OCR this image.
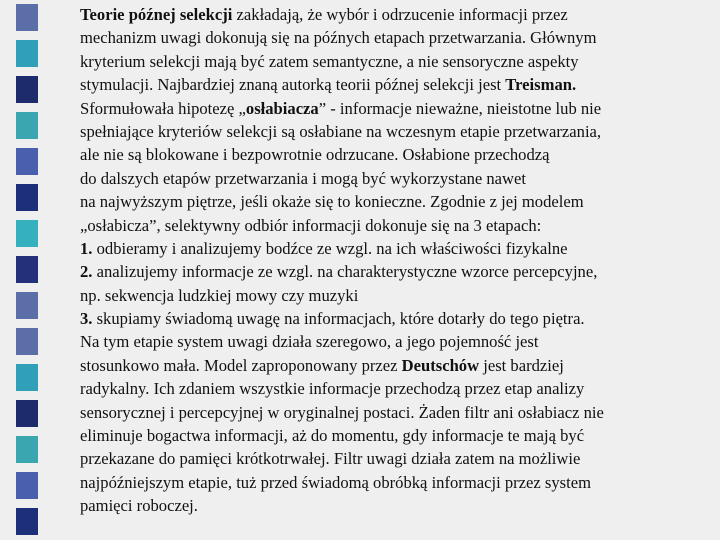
Teorie późnej selekcji zakładają, że wybór i odrzucenie informacji przez
mechanizm uwagi dokonują się na późnych etapach przetwarzania. Głównym
kryterium selekcji mają być zatem semantyczne, a nie sensoryczne aspekty
stymulacji. Najbardziej znaną autorką teorii późnej selekcji jest Treisman.
Sformułowała hipotezę „osłabiacza” - informacje nieważne, nieistotne lub nie
spełniające kryteriów selekcji są osłabiane na wczesnym etapie przetwarzania,
ale nie są blokowane i bezpowrotnie odrzucane. Osłabione przechodzą
do dalszych etapów przetwarzania i mogą być wykorzystane nawet
na najwyższym piętrze, jeśli okaże się to konieczne. Zgodnie z jej modelem
„osłabicza”, selektywny odbiór informacji dokonuje się na 3 etapach:
1. odbieramy i analizujemy bodźce ze wzgl. na ich właściwości fizykalne
2. analizujemy informacje ze wzgl. na charakterystyczne wzorce percepcyjne,
np. sekwencja ludzkiej mowy czy muzyki
3. skupiamy świadomą uwagę na informacjach, które dotarły do tego piętra.
Na tym etapie system uwagi działa szeregowo, a jego pojemność jest
stosunkowo mała. Model zaproponowany przez Deutschów jest bardziej
radykalny. Ich zdaniem wszystkie informacje przechodzą przez etap analizy
sensorycznej i percepcyjnej w oryginalnej postaci. Żaden filtr ani osłabiacz nie
eliminuje bogactwa informacji, aż do momentu, gdy informacje te mają być
przekazane do pamięci krótkotrwałej. Filtr uwagi działa zatem na możliwie
najpóźniejszym etapie, tuż przed świadomą obróbką informacji przez system
pamięci roboczej.
